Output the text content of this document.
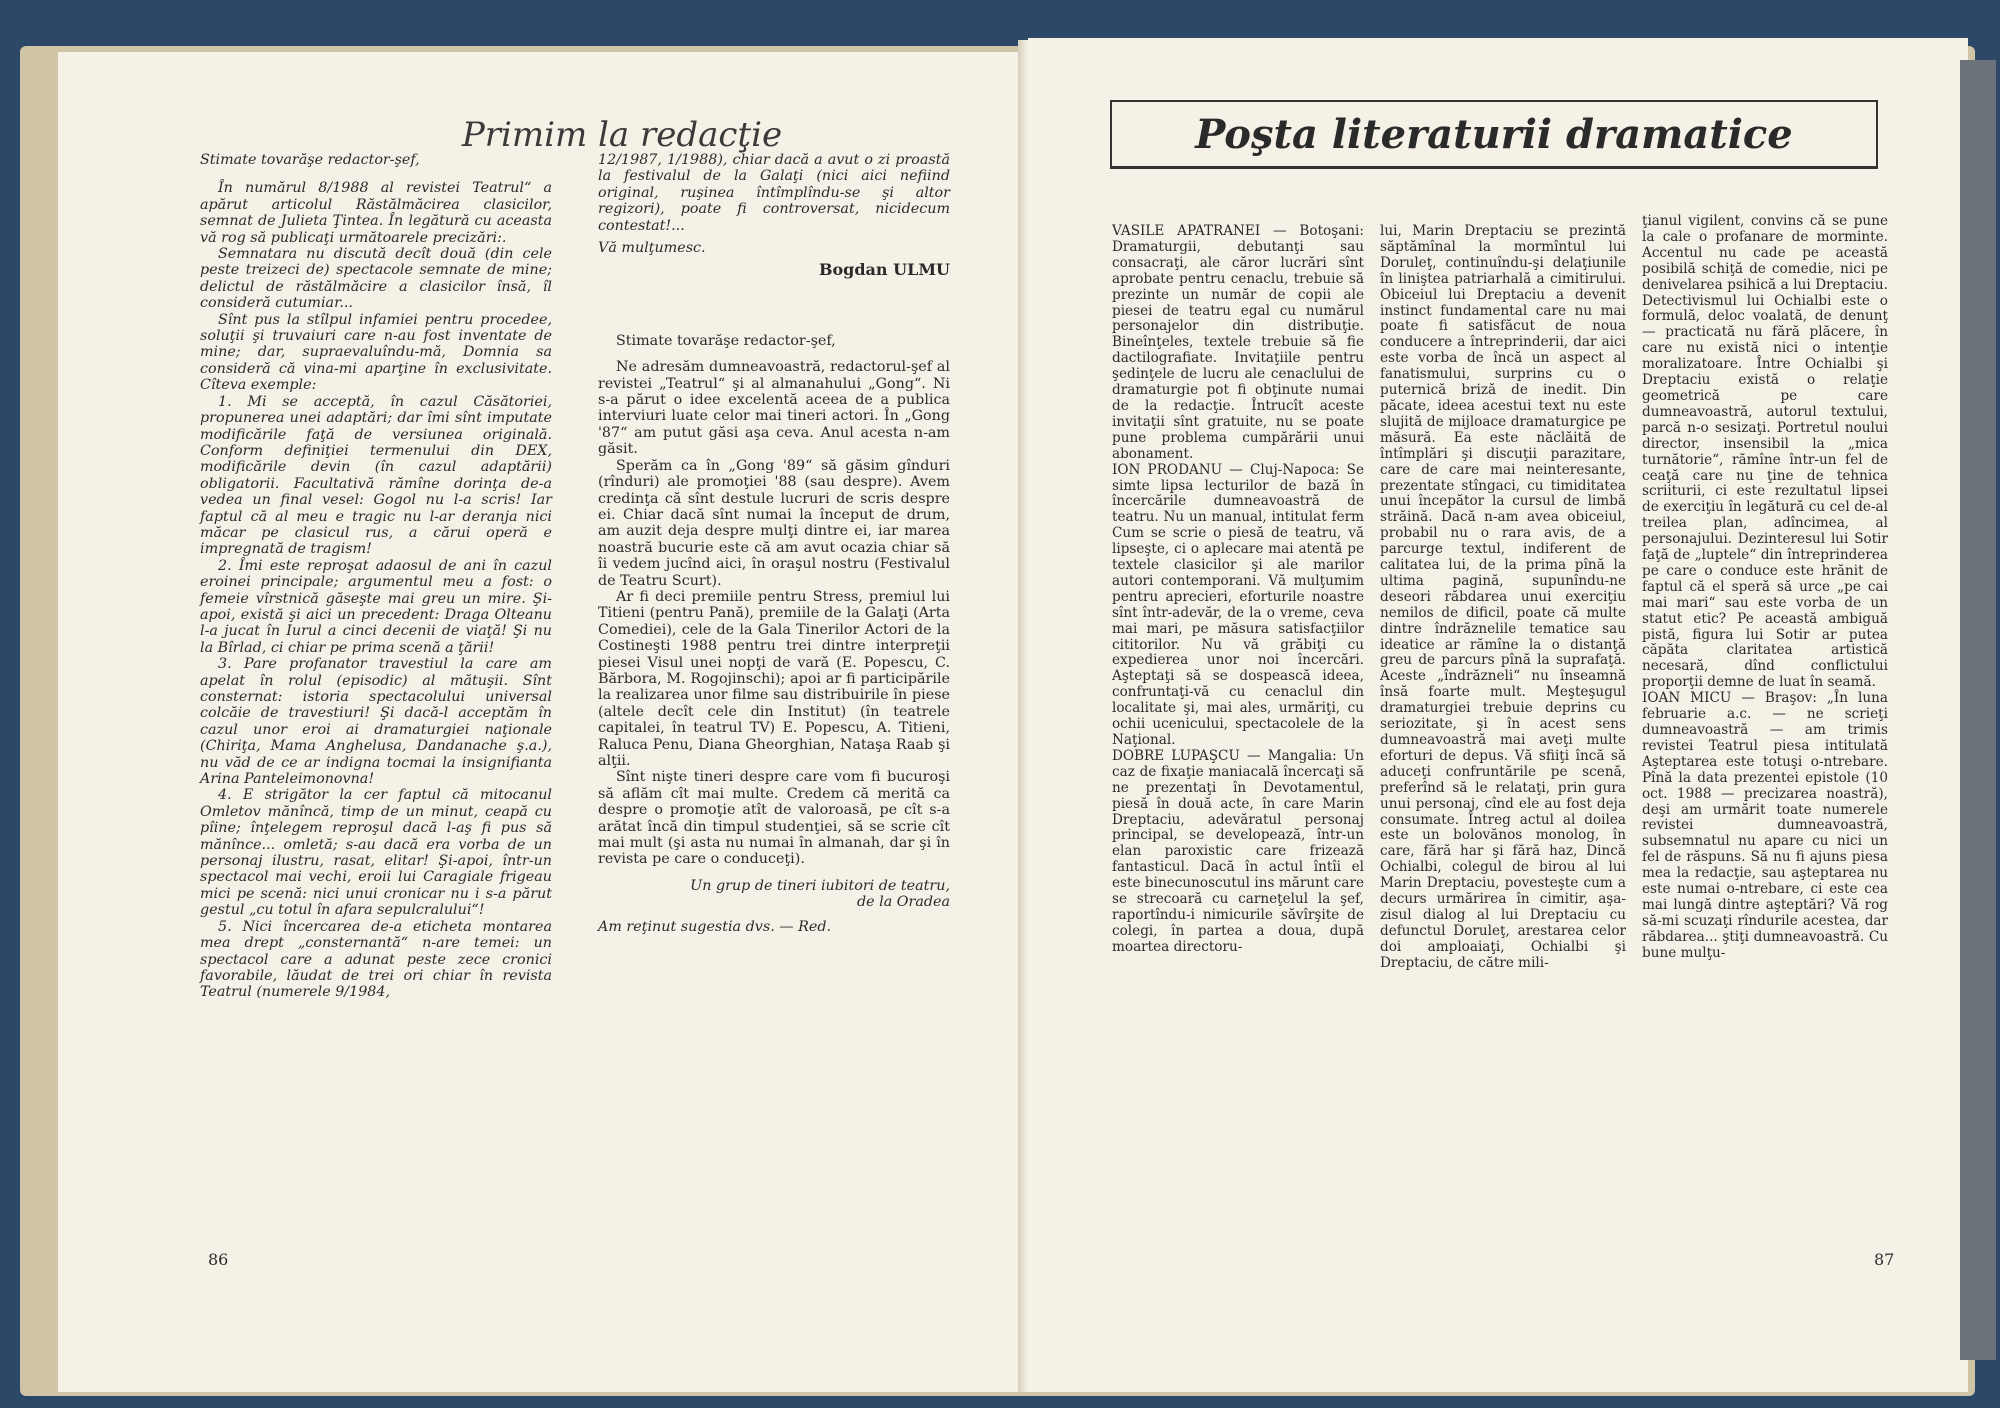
Primim la redacţie

Stimate tovarăşe redactor-şef,

În numărul 8/1988 al revistei Teatrul“ a apărut articolul Răstălmăcirea clasicilor, semnat de Julieta Ţintea. În legătură cu aceasta vă rog să publicaţi următoarele precizări:.

Semnatara nu discută decît două (din cele peste treizeci de) spectacole semnate de mine; delictul de răstălmăcire a clasicilor însă, îl consideră cutumiar...

Sînt pus la stîlpul infamiei pentru procedee, soluţii şi truvaiuri care n-au fost inventate de mine; dar, supraevaluîndu-mă, Domnia sa consideră că vina-mi aparţine în exclusivitate. Cîteva exemple:

1. Mi se acceptă, în cazul Căsătoriei, propunerea unei adaptări; dar îmi sînt imputate modificările faţă de versiunea originală. Conform definiţiei termenului din DEX, modificările devin (în cazul adaptării) obligatorii. Facultativă rămîne dorinţa de-a vedea un final vesel: Gogol nu l-a scris! Iar faptul că al meu e tragic nu l-ar deranja nici măcar pe clasicul rus, a cărui operă e impregnată de tragism!

2. Îmi este reproşat adaosul de ani în cazul eroinei principale; argumentul meu a fost: o femeie vîrstnică găseşte mai greu un mire. Şi-apoi, există şi aici un precedent: Draga Olteanu l-a jucat în Iurul a cinci decenii de viaţă! Şi nu la Bîrlad, ci chiar pe prima scenă a ţării!

3. Pare profanator travestiul la care am apelat în rolul (episodic) al mătuşii. Sînt consternat: istoria spectacolului universal colcăie de travestiuri! Şi dacă-l acceptăm în cazul unor eroi ai dramaturgiei naţionale (Chiriţa, Mama Anghelusa, Dandanache ş.a.), nu văd de ce ar indigna tocmai la insignifianta Arina Panteleimonovna!

4. E strigător la cer faptul că mitocanul Omletov mănîncă, timp de un minut, ceapă cu pîine; înţelegem reproşul dacă l-aş fi pus să mănînce... omletă; s-au dacă era vorba de un personaj ilustru, rasat, elitar! Şi-apoi, într-un spectacol mai vechi, eroii lui Caragiale frigeau mici pe scenă: nici unui cronicar nu i s-a părut gestul „cu totul în afara sepulcralului“!

5. Nici încercarea de-a eticheta montarea mea drept „consternantă“ n-are temei: un spectacol care a adunat peste zece cronici favorabile, lăudat de trei ori chiar în revista Teatrul (numerele 9/1984,

12/1987, 1/1988), chiar dacă a avut o zi proastă la festivalul de la Galaţi (nici aici nefiind original, ruşinea întîmplîndu-se şi altor regizori), poate fi controversat, nicidecum contestat!...

Vă mulţumesc.

Bogdan ULMU

Stimate tovarăşe redactor-şef,

Ne adresăm dumneavoastră, redactorul-şef al revistei „Teatrul“ şi al almanahului „Gong“. Ni s-a părut o idee excelentă aceea de a publica interviuri luate celor mai tineri actori. În „Gong '87“ am putut găsi aşa ceva. Anul acesta n-am găsit.

Sperăm ca în „Gong '89“ să găsim gînduri (rînduri) ale promoţiei '88 (sau despre). Avem credinţa că sînt destule lucruri de scris despre ei. Chiar dacă sînt numai la început de drum, am auzit deja despre mulţi dintre ei, iar marea noastră bucurie este că am avut ocazia chiar să îi vedem jucînd aici, în oraşul nostru (Festivalul de Teatru Scurt).

Ar fi deci premiile pentru Stress, premiul lui Titieni (pentru Pană), premiile de la Galaţi (Arta Comediei), cele de la Gala Tinerilor Actori de la Costineşti 1988 pentru trei dintre interpreţii piesei Visul unei nopţi de vară (E. Popescu, C. Bărbora, M. Rogojinschi); apoi ar fi participările la realizarea unor filme sau distribuirile în piese (altele decît cele din Institut) (în teatrele capitalei, în teatrul TV) E. Popescu, A. Titieni, Raluca Penu, Diana Gheorghian, Nataşa Raab şi alţii.

Sînt nişte tineri despre care vom fi bucuroşi să aflăm cît mai multe. Credem că merită ca despre o promoţie atît de valoroasă, pe cît s-a arătat încă din timpul studenţiei, să se scrie cît mai mult (şi asta nu numai în almanah, dar şi în revista pe care o conduceţi).

Un grup de tineri iubitori de teatru,

de la Oradea

Am reţinut sugestia dvs. — Red.

86
Poşta literaturii dramatice

VASILE APATRANEI — Botoşani: Dramaturgii, debutanţi sau consacraţi, ale căror lucrări sînt aprobate pentru cenaclu, trebuie să prezinte un număr de copii ale piesei de teatru egal cu numărul personajelor din distribuţie. Bineînţeles, textele trebuie să fie dactilografiate. Invitaţiile pentru şedinţele de lucru ale cenaclului de dramaturgie pot fi obţinute numai de la redacţie. Întrucît aceste invitaţii sînt gratuite, nu se poate pune problema cumpărării unui abonament.

ION PRODANU — Cluj-Napoca: Se simte lipsa lecturilor de bază în încercările dumneavoastră de teatru. Nu un manual, intitulat ferm Cum se scrie o piesă de teatru, vă lipseşte, ci o aplecare mai atentă pe textele clasicilor şi ale marilor autori contemporani. Vă mulţumim pentru aprecieri, eforturile noastre sînt într-adevăr, de la o vreme, ceva mai mari, pe măsura satisfacţiilor cititorilor. Nu vă grăbiţi cu expedierea unor noi încercări. Aşteptaţi să se dospească ideea, confruntaţi-vă cu cenaclul din localitate şi, mai ales, urmăriţi, cu ochii ucenicului, spectacolele de la Naţional.

DOBRE LUPAŞCU — Mangalia: Un caz de fixaţie maniacală încercaţi să ne prezentaţi în Devotamentul, piesă în două acte, în care Marin Dreptaciu, adevăratul personaj principal, se developează, într-un elan paroxistic care frizează fantasticul. Dacă în actul întîi el este binecunoscutul ins mărunt care se strecoară cu carneţelul la şef, raportîndu-i nimicurile săvîrşite de colegi, în partea a doua, după moartea directoru-

lui, Marin Dreptaciu se prezintă săptămînal la mormîntul lui Doruleţ, continuîndu-şi delaţiunile în liniştea patriarhală a cimitirului. Obiceiul lui Dreptaciu a devenit instinct fundamental care nu mai poate fi satisfăcut de noua conducere a întreprinderii, dar aici este vorba de încă un aspect al fanatismului, surprins cu o puternică briză de inedit. Din păcate, ideea acestui text nu este slujită de mijloace dramaturgice pe măsură. Ea este năclăită de întîmplări şi discuţii parazitare, care de care mai neinteresante, prezentate stîngaci, cu timiditatea unui începător la cursul de limbă străină. Dacă n-am avea obiceiul, probabil nu o rara avis, de a parcurge textul, indiferent de calitatea lui, de la prima pînă la ultima pagină, supunîndu-ne deseori răbdarea unui exerciţiu nemilos de dificil, poate că multe dintre îndrăznelile tematice sau ideatice ar rămîne la o distanţă greu de parcurs pînă la suprafaţă. Aceste „îndrăzneli“ nu înseamnă însă foarte mult. Meşteşugul dramaturgiei trebuie deprins cu seriozitate, şi în acest sens dumneavoastră mai aveţi multe eforturi de depus. Vă sfiiţi încă să aduceţi confruntările pe scenă, preferînd să le relataţi, prin gura unui personaj, cînd ele au fost deja consumate. Întreg actul al doilea este un bolovănos monolog, în care, fără har şi fără haz, Dincă Ochialbi, colegul de birou al lui Marin Dreptaciu, povesteşte cum a decurs urmărirea în cimitir, aşa-zisul dialog al lui Dreptaciu cu defunctul Doruleţ, arestarea celor doi amploaiaţi, Ochialbi şi Dreptaciu, de către mili-

ţianul vigilent, convins că se pune la cale o profanare de morminte. Accentul nu cade pe această posibilă schiţă de comedie, nici pe denivelarea psihică a lui Dreptaciu. Detectivismul lui Ochialbi este o formulă, deloc voalată, de denunţ — practicată nu fără plăcere, în care nu există nici o intenţie moralizatoare. Între Ochialbi şi Dreptaciu există o relaţie geometrică pe care dumneavoastră, autorul textului, parcă n-o sesizaţi. Portretul noului director, insensibil la „mica turnătorie“, rămîne într-un fel de ceaţă care nu ţine de tehnica scriiturii, ci este rezultatul lipsei de exerciţiu în legătură cu cel de-al treilea plan, adîncimea, al personajului. Dezinteresul lui Sotir faţă de „luptele“ din întreprinderea pe care o conduce este hrănit de faptul că el speră să urce „pe cai mai mari“ sau este vorba de un statut etic? Pe această ambiguă pistă, figura lui Sotir ar putea căpăta claritatea artistică necesară, dînd conflictului proporţii demne de luat în seamă.

IOAN MICU — Braşov: „În luna februarie a.c. — ne scrieţi dumneavoastră — am trimis revistei Teatrul piesa intitulată Aşteptarea este totuşi o-ntrebare. Pînă la data prezentei epistole (10 oct. 1988 — precizarea noastră), deşi am urmărit toate numerele revistei dumneavoastră, subsemnatul nu apare cu nici un fel de răspuns. Să nu fi ajuns piesa mea la redacţie, sau aşteptarea nu este numai o-ntrebare, ci este cea mai lungă dintre aşteptări? Vă rog să-mi scuzaţi rîndurile acestea, dar răbdarea... ştiţi dumneavoastră. Cu bune mulţu-

87
